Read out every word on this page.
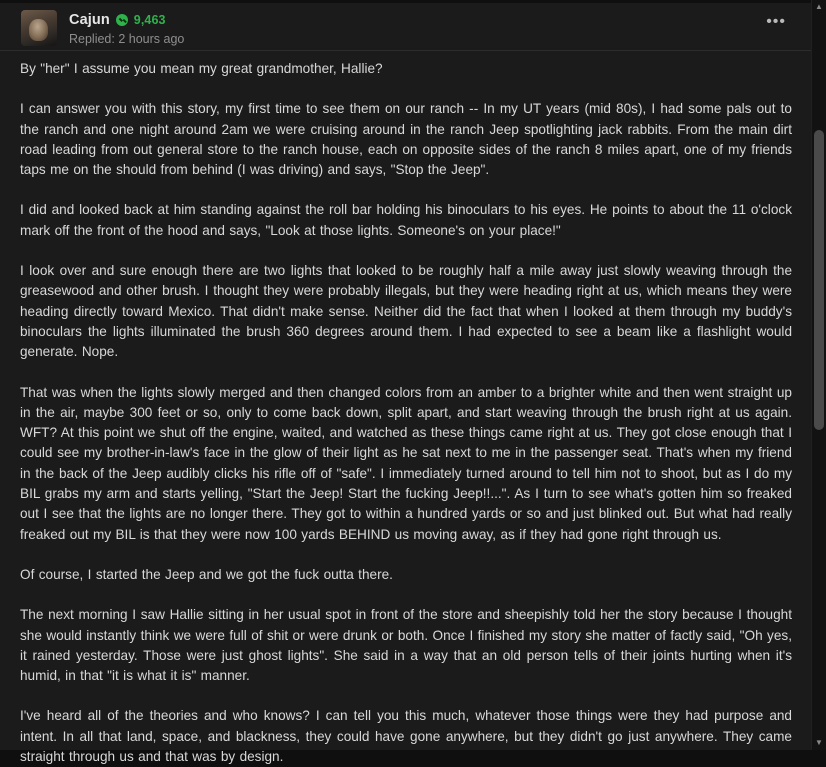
Cajun 9,463
Replied: 2 hours ago
•••

By "her" I assume you mean my great grandmother, Hallie?

I can answer you with this story, my first time to see them on our ranch -- In my UT years (mid 80s), I had some pals out to the ranch and one night around 2am we were cruising around in the ranch Jeep spotlighting jack rabbits. From the main dirt road leading from out general store to the ranch house, each on opposite sides of the ranch 8 miles apart, one of my friends taps me on the should from behind (I was driving) and says, "Stop the Jeep".

I did and looked back at him standing against the roll bar holding his binoculars to his eyes. He points to about the 11 o'clock mark off the front of the hood and says, "Look at those lights. Someone's on your place!"

I look over and sure enough there are two lights that looked to be roughly half a mile away just slowly weaving through the greasewood and other brush. I thought they were probably illegals, but they were heading right at us, which means they were heading directly toward Mexico. That didn't make sense. Neither did the fact that when I looked at them through my buddy's binoculars the lights illuminated the brush 360 degrees around them. I had expected to see a beam like a flashlight would generate. Nope.

That was when the lights slowly merged and then changed colors from an amber to a brighter white and then went straight up in the air, maybe 300 feet or so, only to come back down, split apart, and start weaving through the brush right at us again. WFT? At this point we shut off the engine, waited, and watched as these things came right at us. They got close enough that I could see my brother-in-law's face in the glow of their light as he sat next to me in the passenger seat. That's when my friend in the back of the Jeep audibly clicks his rifle off of "safe". I immediately turned around to tell him not to shoot, but as I do my BIL grabs my arm and starts yelling, "Start the Jeep! Start the fucking Jeep!!...". As I turn to see what's gotten him so freaked out I see that the lights are no longer there. They got to within a hundred yards or so and just blinked out. But what had really freaked out my BIL is that they were now 100 yards BEHIND us moving away, as if they had gone right through us.

Of course, I started the Jeep and we got the fuck outta there.

The next morning I saw Hallie sitting in her usual spot in front of the store and sheepishly told her the story because I thought she would instantly think we were full of shit or were drunk or both. Once I finished my story she matter of factly said, "Oh yes, it rained yesterday. Those were just ghost lights". She said in a way that an old person tells of their joints hurting when it's humid, in that "it is what it is" manner.

I've heard all of the theories and who knows? I can tell you this much, whatever those things were they had purpose and intent. In all that land, space, and blackness, they could have gone anywhere, but they didn't go just anywhere. They came straight through us and that was by design.

▲
▼
